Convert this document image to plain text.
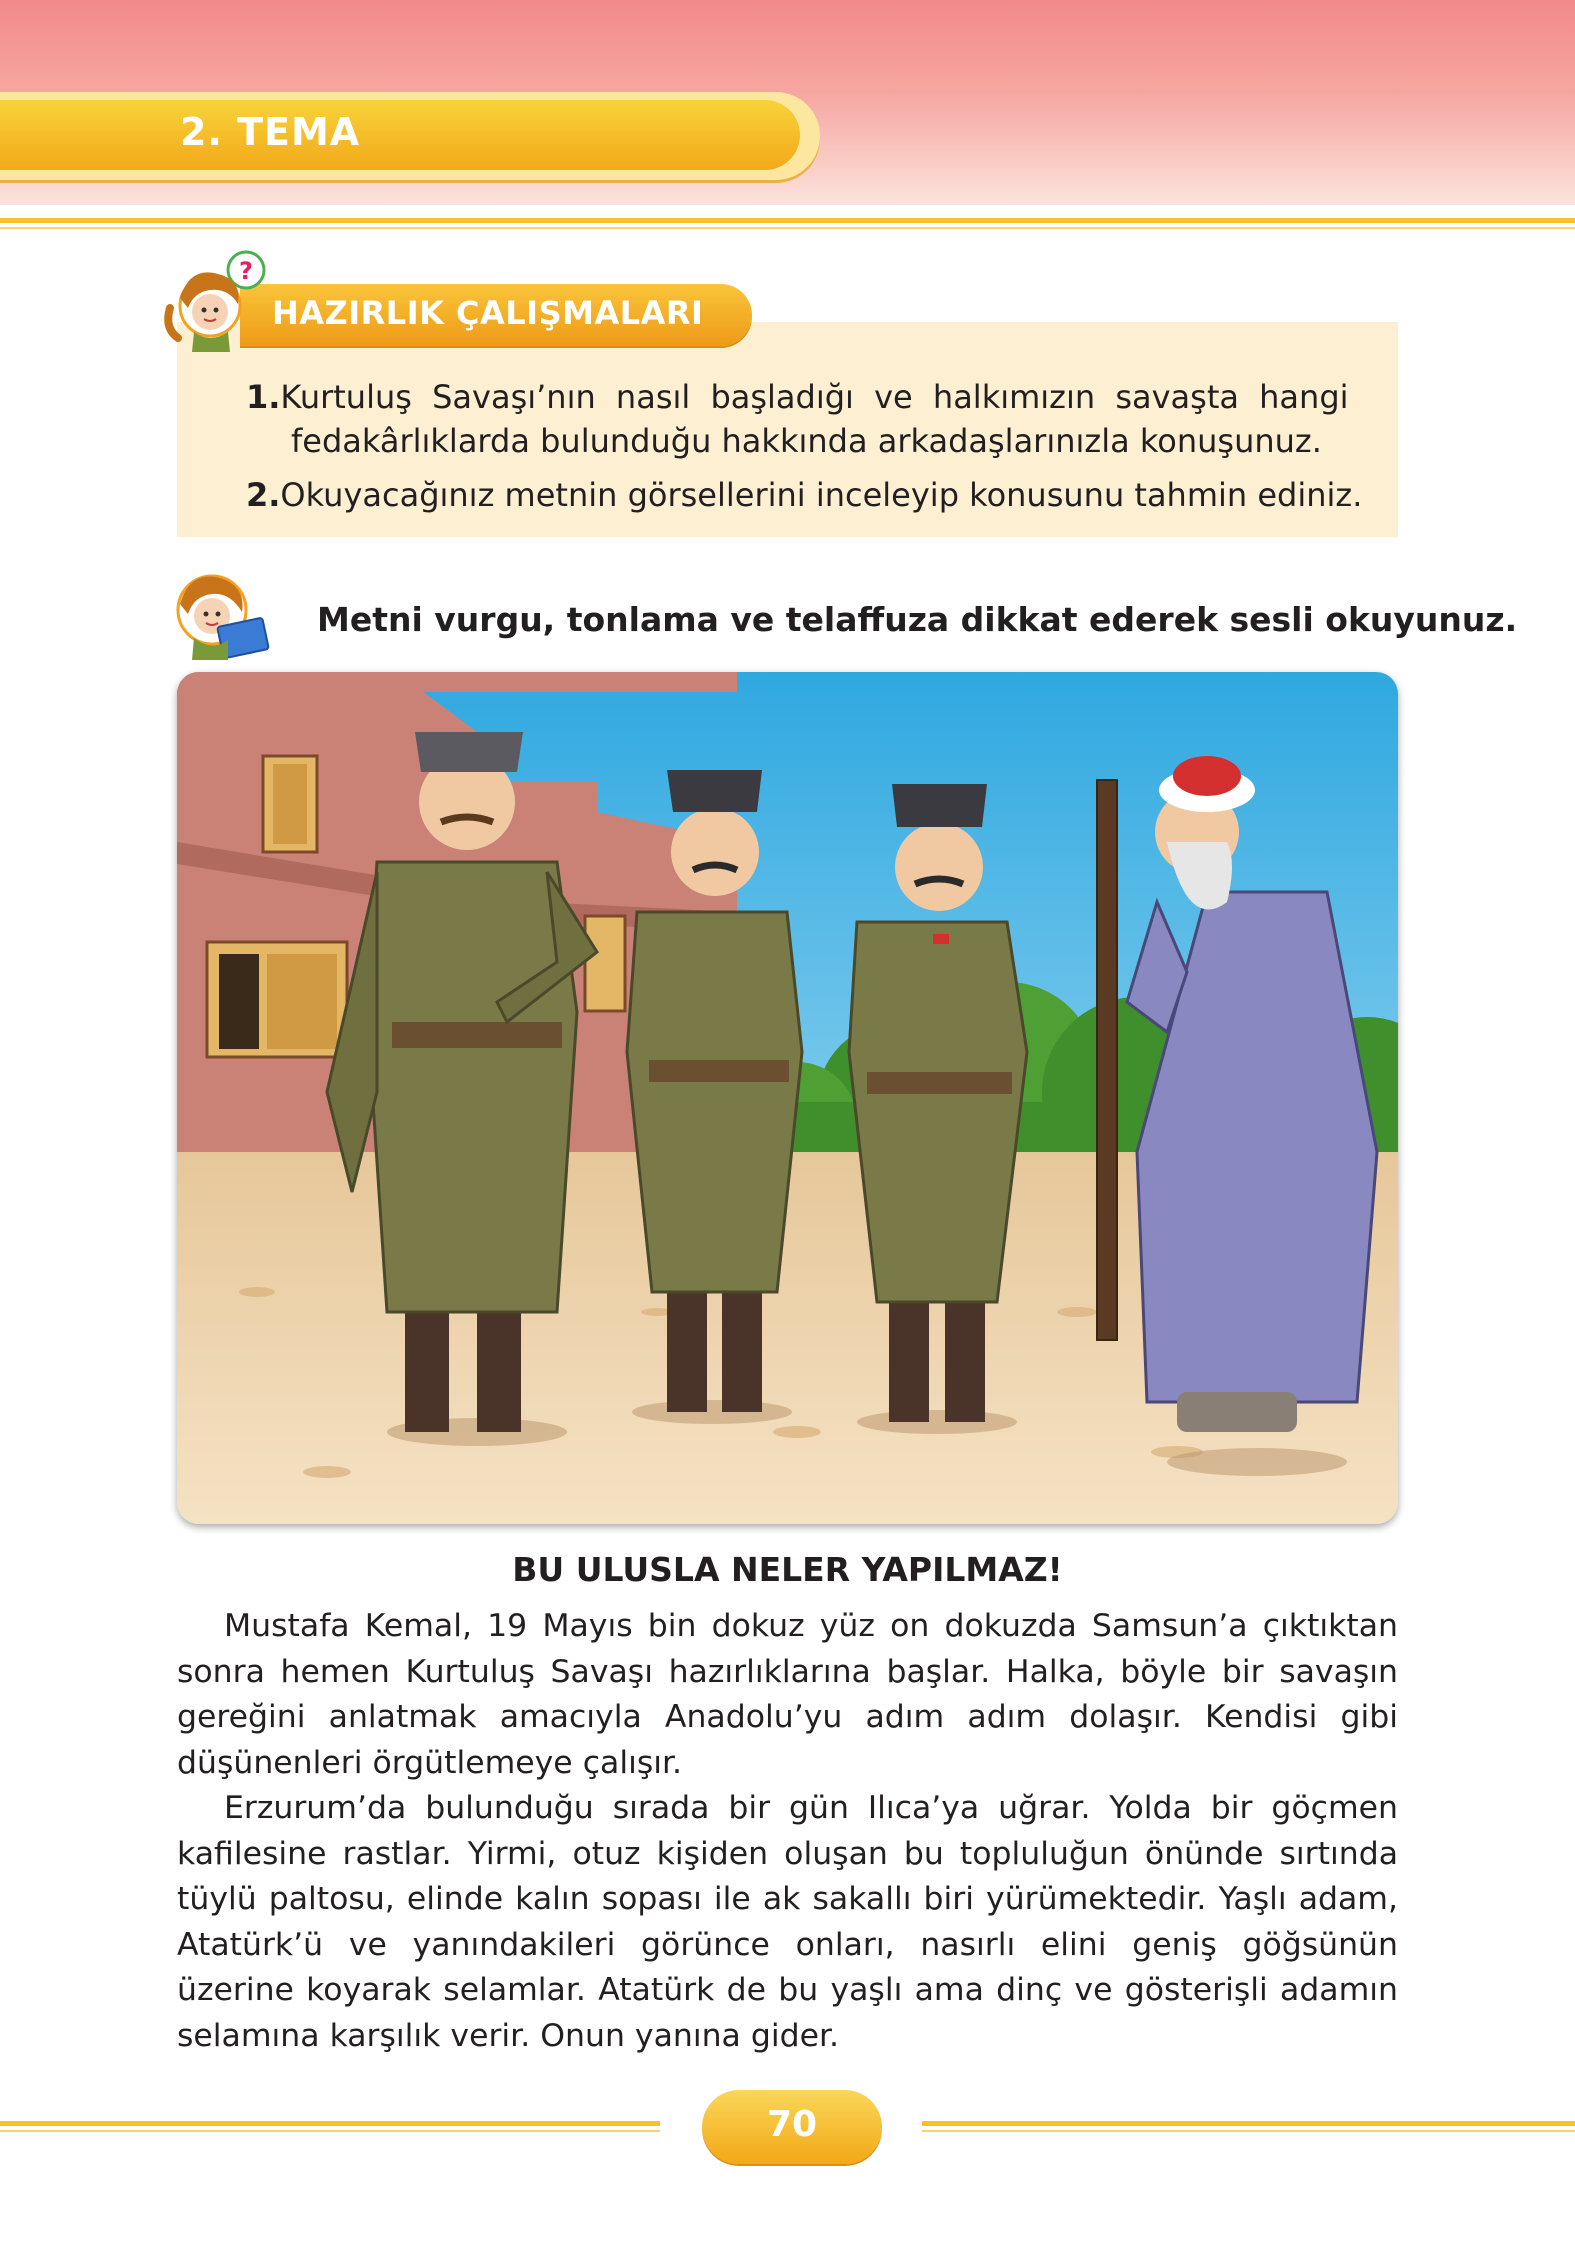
2. TEMA
HAZIRLIK ÇALIŞMALARI
?
1.Kurtuluş Savaşı’nın nasıl başladığı ve halkımızın savaşta hangi
fedakârlıklarda bulunduğu hakkında arkadaşlarınızla konuşunuz.
2.Okuyacağınız metnin görsellerini inceleyip konusunu tahmin ediniz.
Metni vurgu, tonlama ve telaffuza dikkat ederek sesli okuyunuz.
BU ULUSLA NELER YAPILMAZ!

Mustafa Kemal, 19 Mayıs bin dokuz yüz on dokuzda Samsun’a çıktıktan sonra hemen Kurtuluş Savaşı hazırlıklarına başlar. Halka, böyle bir savaşın gereğini anlatmak amacıyla Anadolu’yu adım adım dolaşır. Kendisi gibi düşünenleri örgütlemeye çalışır.

Erzurum’da bulunduğu sırada bir gün Ilıca’ya uğrar. Yolda bir göçmen kafilesine rastlar. Yirmi, otuz kişiden oluşan bu topluluğun önünde sırtında tüylü paltosu, elinde kalın sopası ile ak sakallı biri yürümektedir. Yaşlı adam, Atatürk’ü ve yanındakileri görünce onları, nasırlı elini geniş göğsünün üzerine koyarak selamlar. Atatürk de bu yaşlı ama dinç ve gösterişli adamın selamına karşılık verir. Onun yanına gider.

70
